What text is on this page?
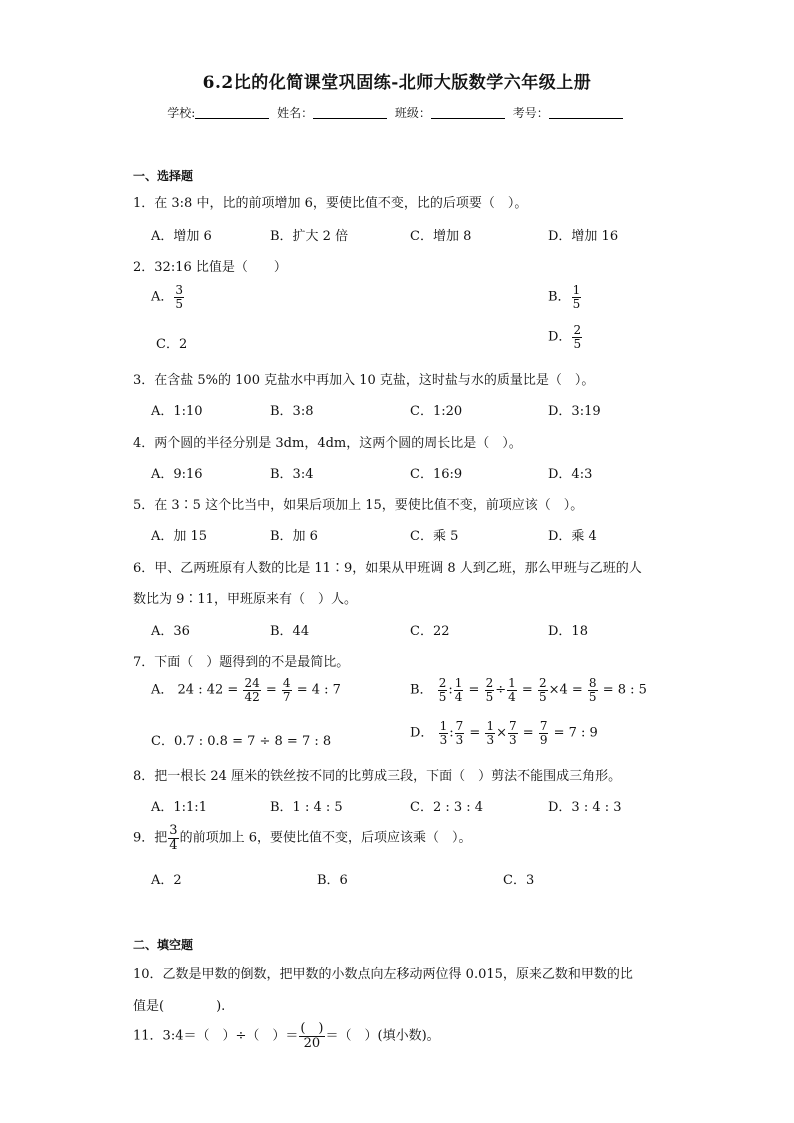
6.2比的化简课堂巩固练-北师大版数学六年级上册
学校:	姓名：	班级：	考号：
一、选择题
1．在 3:8 中，比的前项增加 6，要使比值不变，比的后项要（　）。
A．增加 6	B．扩大 2 倍	C．增加 8	D．增加 16
2．32:16 比值是（　　）
A． $\frac{3}{5}$	B． $\frac{1}{5}$
C．2	D． $\frac{2}{5}$
3．在含盐 5%的 100 克盐水中再加入 10 克盐，这时盐与水的质量比是（　）。
A．1:10	B．3:8	C．1:20	D．3:19
4．两个圆的半径分别是 3dm，4dm，这两个圆的周长比是（　）。
A．9:16	B．3:4	C．16:9	D．4:3
5．在 3∶5 这个比当中，如果后项加上 15，要使比值不变，前项应该（　）。
A．加 15	B．加 6	C．乘 5	D．乘 4
6．甲、乙两班原有人数的比是 11∶9，如果从甲班调 8 人到乙班，那么甲班与乙班的人
数比为 9∶11，甲班原来有（　）人。
A．36	B．44	C．22	D．18
7．下面（　）题得到的不是最简比。
A． 24 : $42 = \frac{24}{42} = \frac{4}{7} = 4$ : 7	B． $\frac{2}{5}$ : $\frac{1}{4} = \frac{2}{5} \div \frac{1}{4} = \frac{2}{5} \times 4 = \frac{8}{5} = 8$ : 5
C．0.7 : 0.8 = 7 ÷ 8 = 7 : 8
D． $\frac{1}{3}$ : $\frac{7}{3} = \frac{1}{3} \times \frac{7}{3} = \frac{7}{9} = 7$ : 9
8．把一根长 24 厘米的铁丝按不同的比剪成三段，下面（　）剪法不能围成三角形。
A．1:1:1	B．1 : 4 : 5	C．2 : 3 : 4	D．3 : 4 : 3
9．把 $\frac{3}{4}$ 的前项加上 6，要使比值不变，后项应该乘（　）。
A．2	B．6	C．3
二、填空题
10．乙数是甲数的倒数，把甲数的小数点向左移动两位得 0.015，原来乙数和甲数的比
值是(　　　　).
11．3:4＝（　）÷（　）＝ $\frac{( )}{20}$ ＝（　）(填小数)。
